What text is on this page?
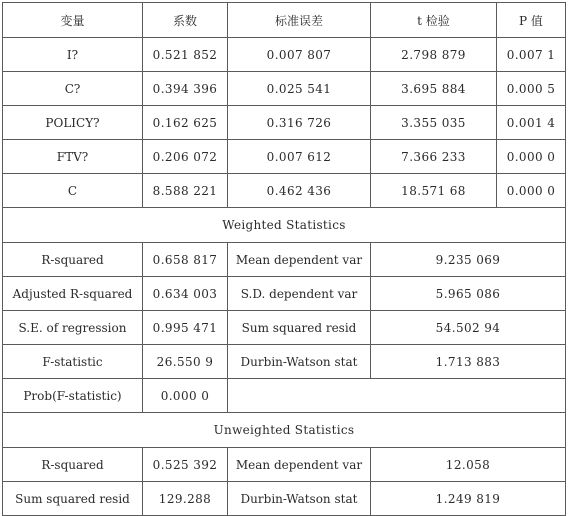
变量	系数	标准误差	t 检验	P 值
I?	0.521 852	0.007 807	2.798 879	0.007 1
C?	0.394 396	0.025 541	3.695 884	0.000 5
POLICY?	0.162 625	0.316 726	3.355 035	0.001 4
FTV?	0.206 072	0.007 612	7.366 233	0.000 0
C	8.588 221	0.462 436	18.571 68	0.000 0
Weighted Statistics				
R-squared	0.658 817	Mean dependent var	9.235 069	
Adjusted R-squared	0.634 003	S.D. dependent var	5.965 086	
S.E. of regression	0.995 471	Sum squared resid	54.502 94	
F-statistic	26.550 9	Durbin-Watson stat	1.713 883	
Prob(F-statistic)	0.000 0			
Unweighted Statistics				
R-squared	0.525 392	Mean dependent var	12.058	
Sum squared resid	129.288	Durbin-Watson stat	1.249 819	
